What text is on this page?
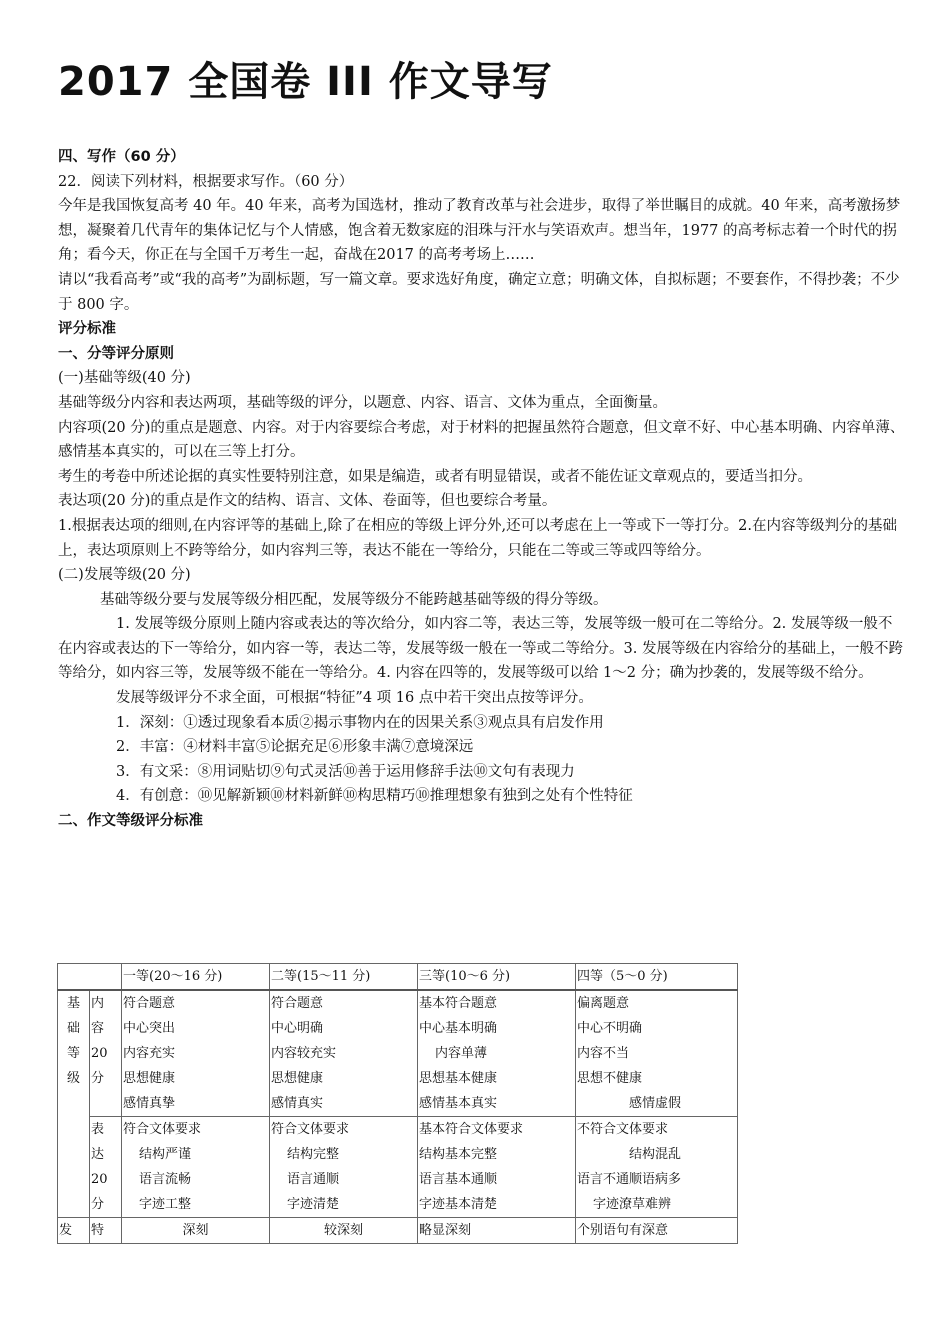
2017 全国卷 III 作文导写

四、写作（60 分）

22．阅读下列材料，根据要求写作。（60 分）

今年是我国恢复高考 40 年。40 年来，高考为国选材，推动了教育改革与社会进步，取得了举世瞩目的成就。40 年来，高考激扬梦想，凝聚着几代青年的集体记忆与个人情感，饱含着无数家庭的泪珠与汗水与笑语欢声。想当年，1977 的高考标志着一个时代的拐角；看今天，你正在与全国千万考生一起，奋战在2017 的高考考场上……

请以“我看高考”或“我的高考”为副标题，写一篇文章。要求选好角度，确定立意；明确文体，自拟标题；不要套作，不得抄袭；不少于 800 字。

评分标准

一、分等评分原则

(一)基础等级(40 分)

基础等级分内容和表达两项，基础等级的评分，以题意、内容、语言、文体为重点，全面衡量。

内容项(20 分)的重点是题意、内容。对于内容要综合考虑，对于材料的把握虽然符合题意，但文章不好、中心基本明确、内容单薄、感情基本真实的，可以在三等上打分。

考生的考卷中所述论据的真实性要特别注意，如果是编造，或者有明显错误，或者不能佐证文章观点的，要适当扣分。

表达项(20 分)的重点是作文的结构、语言、文体、卷面等，但也要综合考量。

1.根据表达项的细则,在内容评等的基础上,除了在相应的等级上评分外,还可以考虑在上一等或下一等打分。2.在内容等级判分的基础上，表达项原则上不跨等给分，如内容判三等，表达不能在一等给分，只能在二等或三等或四等给分。

(二)发展等级(20 分)

基础等级分要与发展等级分相匹配，发展等级分不能跨越基础等级的得分等级。

1. 发展等级分原则上随内容或表达的等次给分，如内容二等，表达三等，发展等级一般可在二等给分。2. 发展等级一般不在内容或表达的下一等给分，如内容一等，表达二等，发展等级一般在一等或二等给分。3. 发展等级在内容给分的基础上，一般不跨等给分，如内容三等，发展等级不能在一等给分。4. 内容在四等的，发展等级可以给 1～2 分；确为抄袭的，发展等级不给分。

发展等级评分不求全面，可根据“特征”4 项 16 点中若干突出点按等评分。

1．深刻：①透过现象看本质②揭示事物内在的因果关系③观点具有启发作用

2．丰富：④材料丰富⑤论据充足⑥形象丰满⑦意境深远

3．有文采：⑧用词贴切⑨句式灵活⑩善于运用修辞手法⑩文句有表现力

4．有创意：⑩见解新颖⑩材料新鲜⑩构思精巧⑩推理想象有独到之处有个性特征

二、作文等级评分标准

		一等(20～16 分)	二等(15～11 分)	三等(10～6 分)	四等（5～0 分)

基
础
等
级	内
容
20
分	符合题意
中心突出
内容充实
思想健康
感情真挚	符合题意
中心明确
内容较充实
思想健康
感情真实	基本符合题意
中心基本明确
内容单薄
思想基本健康
感情基本真实	偏离题意
中心不明确
内容不当
思想不健康
感情虚假

	表
达
20
分	符合文体要求
结构严谨
语言流畅
字迹工整	符合文体要求
结构完整
语言通顺
字迹清楚	基本符合文体要求
结构基本完整
语言基本通顺
字迹基本清楚	不符合文体要求
结构混乱
语言不通顺语病多
字迹潦草难辨

发	特	深刻	较深刻	略显深刻	个别语句有深意
